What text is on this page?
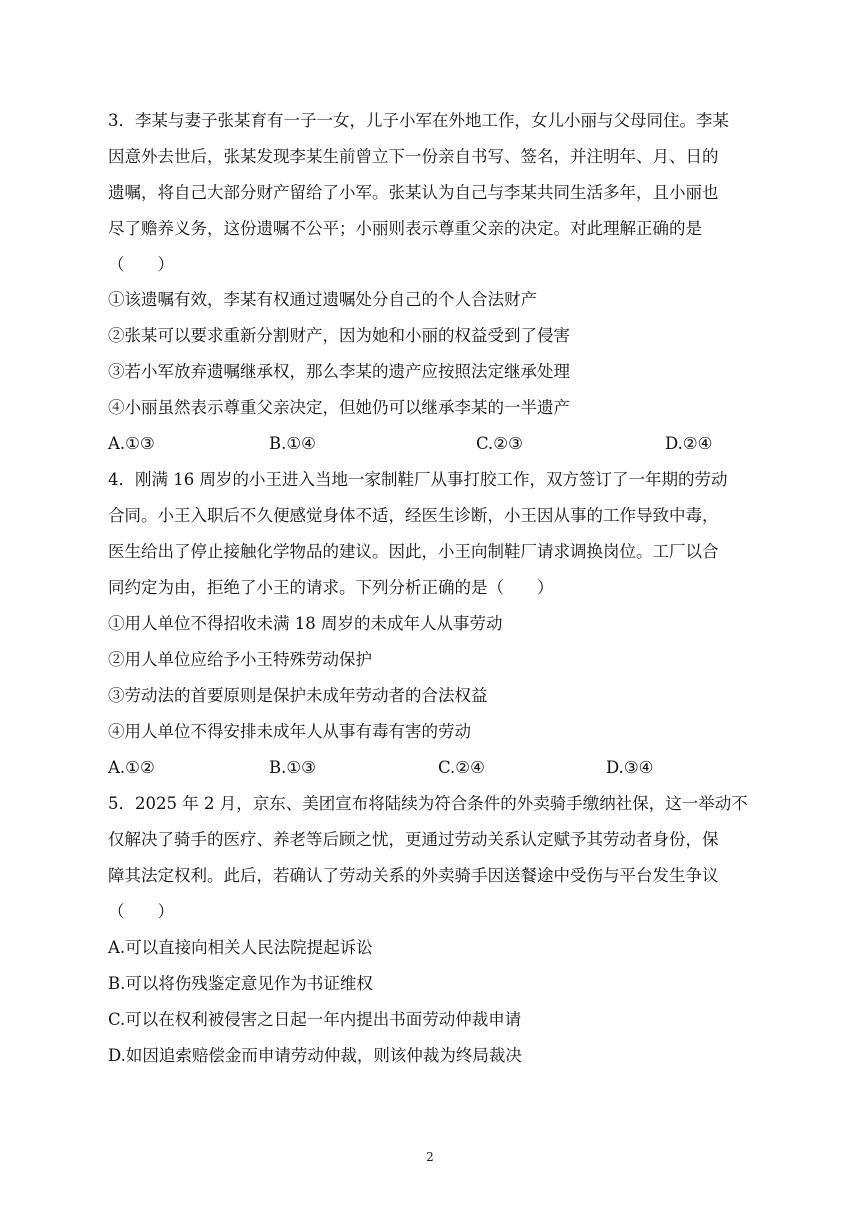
3．李某与妻子张某育有一子一女，儿子小军在外地工作，女儿小丽与父母同住。李某
因意外去世后，张某发现李某生前曾立下一份亲自书写、签名，并注明年、月、日的
遗嘱，将自己大部分财产留给了小军。张某认为自己与李某共同生活多年，且小丽也
尽了赡养义务，这份遗嘱不公平；小丽则表示尊重父亲的决定。对此理解正确的是
（　　）
①该遗嘱有效，李某有权通过遗嘱处分自己的个人合法财产
②张某可以要求重新分割财产，因为她和小丽的权益受到了侵害
③若小军放弃遗嘱继承权，那么李某的遗产应按照法定继承处理
④小丽虽然表示尊重父亲决定，但她仍可以继承李某的一半遗产
A.①③	B.①④	C.②③	D.②④
4．刚满 16 周岁的小王进入当地一家制鞋厂从事打胶工作，双方签订了一年期的劳动
合同。小王入职后不久便感觉身体不适，经医生诊断，小王因从事的工作导致中毒，
医生给出了停止接触化学物品的建议。因此，小王向制鞋厂请求调换岗位。工厂以合
同约定为由，拒绝了小王的请求。下列分析正确的是（　　）
①用人单位不得招收未满 18 周岁的未成年人从事劳动
②用人单位应给予小王特殊劳动保护
③劳动法的首要原则是保护未成年劳动者的合法权益
④用人单位不得安排未成年人从事有毒有害的劳动
A.①②	B.①③	C.②④	D.③④
5．2025 年 2 月，京东、美团宣布将陆续为符合条件的外卖骑手缴纳社保，这一举动不
仅解决了骑手的医疗、养老等后顾之忧，更通过劳动关系认定赋予其劳动者身份，保
障其法定权利。此后，若确认了劳动关系的外卖骑手因送餐途中受伤与平台发生争议
（　　）
A.可以直接向相关人民法院提起诉讼
B.可以将伤残鉴定意见作为书证维权
C.可以在权利被侵害之日起一年内提出书面劳动仲裁申请
D.如因追索赔偿金而申请劳动仲裁，则该仲裁为终局裁决
2
